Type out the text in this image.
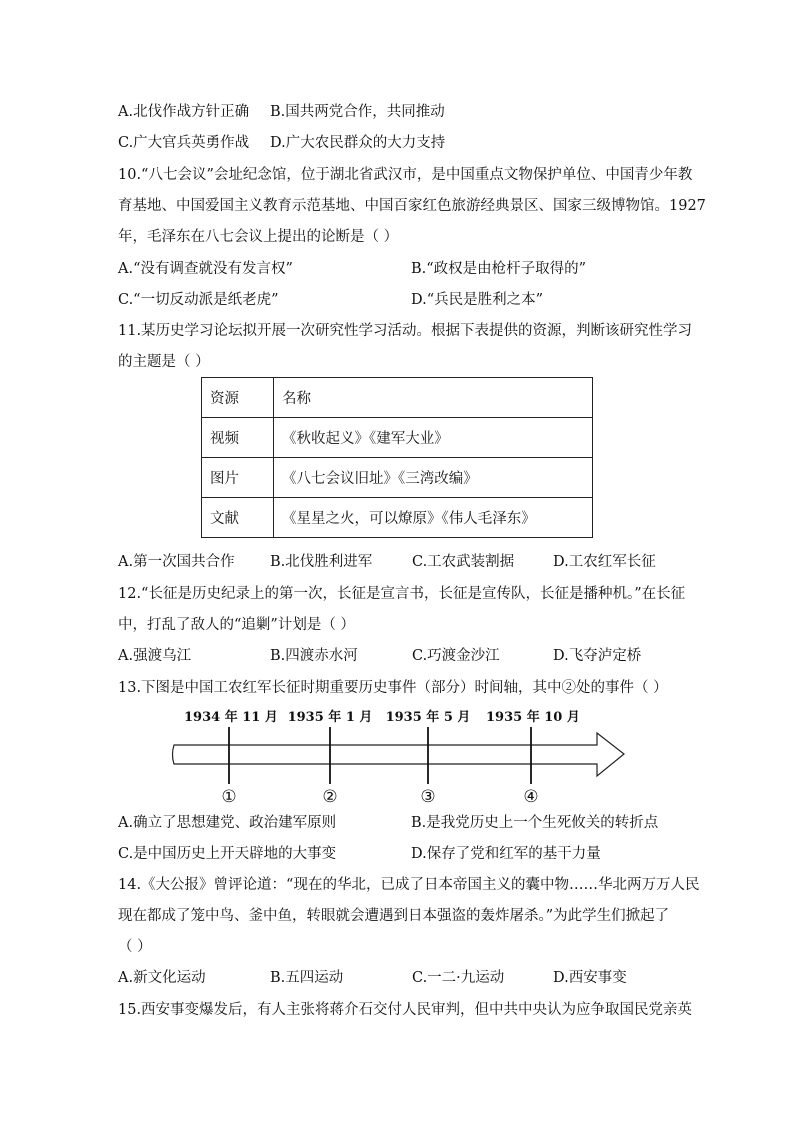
A.北伐作战方针正确 B.国共两党合作，共同推动
C.广大官兵英勇作战 D.广大农民群众的大力支持
10.“八七会议”会址纪念馆，位于湖北省武汉市，是中国重点文物保护单位、中国青少年教
育基地、中国爱国主义教育示范基地、中国百家红色旅游经典景区、国家三级博物馆。1927
年，毛泽东在八七会议上提出的论断是（ ）
A.“没有调查就没有发言权”	B.“政权是由枪杆子取得的”
C.“一切反动派是纸老虎”	D.“兵民是胜利之本”
11.某历史学习论坛拟开展一次研究性学习活动。根据下表提供的资源，判断该研究性学习
的主题是（ ）
资源	名称
视频	《秋收起义》《建军大业》
图片	《八七会议旧址》《三湾改编》
文献	《星星之火，可以燎原》《伟人毛泽东》
A.第一次国共合作 B.北伐胜利进军	C.工农武装割据	D.工农红军长征
12.“长征是历史纪录上的第一次，长征是宣言书，长征是宣传队，长征是播种机。”在长征
中，打乱了敌人的“追剿”计划是（ ）
A.强渡乌江	B.四渡赤水河	C.巧渡金沙江	D.飞夺泸定桥
13.下图是中国工农红军长征时期重要历史事件（部分）时间轴，其中②处的事件（ ）
1934 年 11 月 1935 年 1 月 1935 年 5 月 1935 年 10 月
①	②	③	④
A.确立了思想建党、政治建军原则	B.是我党历史上一个生死攸关的转折点
C.是中国历史上开天辟地的大事变	D.保存了党和红军的基干力量
14.《大公报》曾评论道：“现在的华北，已成了日本帝国主义的囊中物……华北两万万人民
现在都成了笼中鸟、釜中鱼，转眼就会遭遇到日本强盗的轰炸屠杀。”为此学生们掀起了
（ ）
A.新文化运动	B.五四运动	C.一二·九运动	D.西安事变
15.西安事变爆发后，有人主张将蒋介石交付人民审判，但中共中央认为应争取国民党亲英
